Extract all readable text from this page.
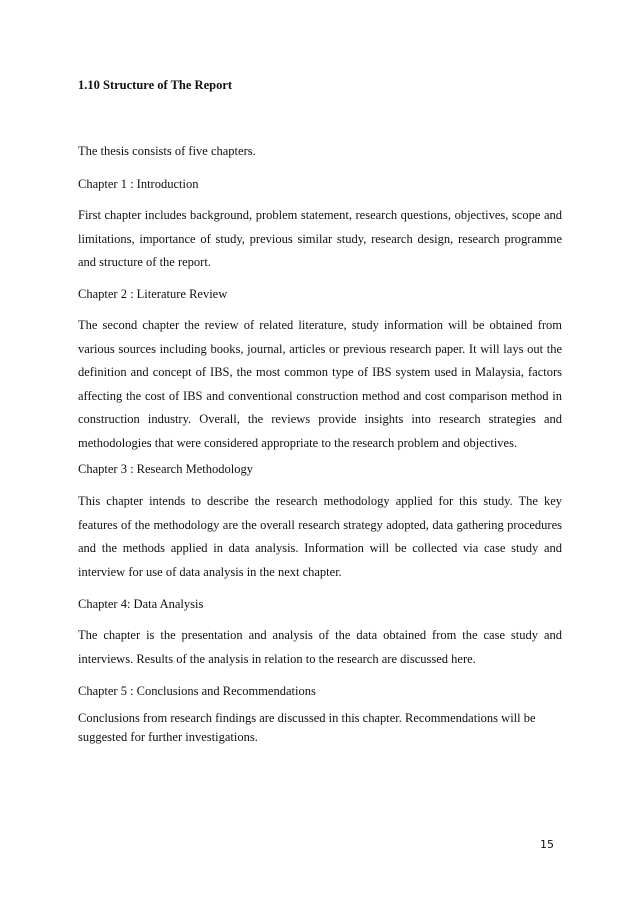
1.10 Structure of The Report
The thesis consists of five chapters.
Chapter 1 : Introduction
First chapter includes background, problem statement, research questions, objectives, scope and limitations, importance of study, previous similar study, research design, research programme and structure of the report.
Chapter 2 : Literature Review
The second chapter the review of related literature, study information will be obtained from various sources including books, journal, articles or previous research paper. It will lays out the definition and concept of IBS, the most common type of IBS system used in Malaysia, factors affecting the cost of IBS and conventional construction method and cost comparison method in construction industry. Overall, the reviews provide insights into research strategies and methodologies that were considered appropriate to the research problem and objectives.
Chapter 3 : Research Methodology
This chapter intends to describe the research methodology applied for this study. The key features of the methodology are the overall research strategy adopted, data gathering procedures and the methods applied in data analysis. Information will be collected via case study and interview for use of data analysis in the next chapter.
Chapter 4: Data Analysis
The chapter is the presentation and analysis of the data obtained from the case study and interviews. Results of the analysis in relation to the research are discussed here.
Chapter 5 : Conclusions and Recommendations
Conclusions from research findings are discussed in this chapter. Recommendations will be suggested for further investigations.
15
